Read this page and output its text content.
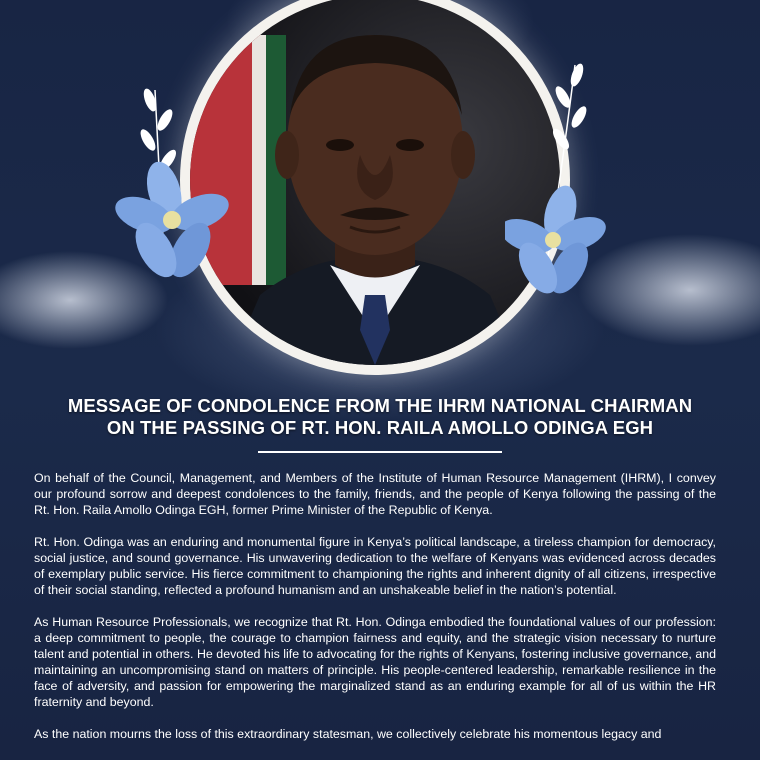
MESSAGE OF CONDOLENCE FROM THE IHRM NATIONAL CHAIRMAN
ON THE PASSING OF RT. HON. RAILA AMOLLO ODINGA EGH

On behalf of the Council, Management, and Members of the Institute of Human Resource Management (IHRM), I convey our profound sorrow and deepest condolences to the family, friends, and the people of Kenya following the passing of the Rt. Hon. Raila Amollo Odinga EGH, former Prime Minister of the Republic of Kenya.

Rt. Hon. Odinga was an enduring and monumental figure in Kenya’s political landscape, a tireless champion for democracy, social justice, and sound governance. His unwavering dedication to the welfare of Kenyans was evidenced across decades of exemplary public service. His fierce commitment to championing the rights and inherent dignity of all citizens, irrespective of their social standing, reflected a profound humanism and an unshakeable belief in the nation’s potential.

As Human Resource Professionals, we recognize that Rt. Hon. Odinga embodied the foundational values of our profession: a deep commitment to people, the courage to champion fairness and equity, and the strategic vision necessary to nurture talent and potential in others. He devoted his life to advocating for the rights of Kenyans, fostering inclusive governance, and maintaining an uncompromising stand on matters of principle. His people-centered leadership, remarkable resilience in the face of adversity, and passion for empowering the marginalized stand as an enduring example for all of us within the HR fraternity and beyond.

As the nation mourns the loss of this extraordinary statesman, we collectively celebrate his momentous legacy and
